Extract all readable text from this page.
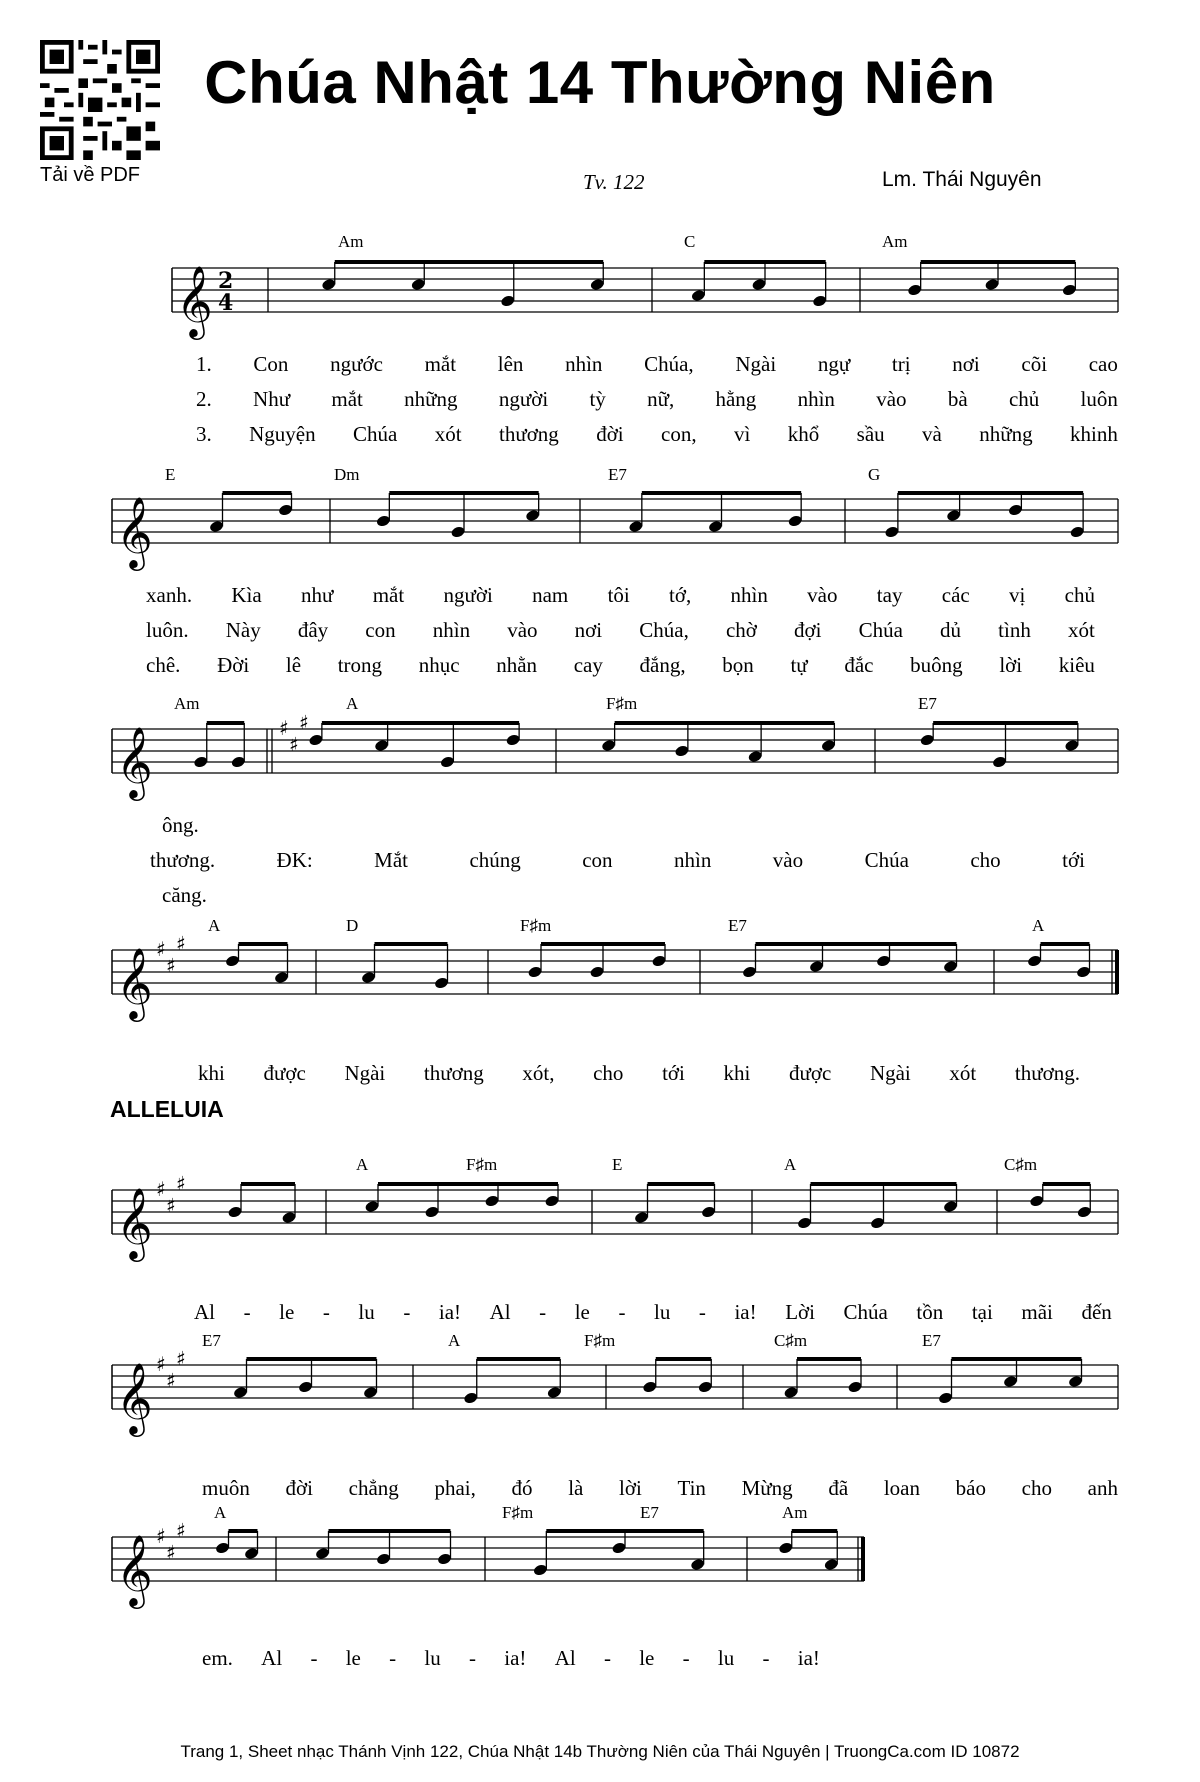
Tải về PDF
Chúa Nhật 14 Thường Niên
Tv. 122	Lm. Thái Nguyên
𝄞 2
4
𝄞
𝄞	♯
♯
♯
𝄞 ♯
♯
♯
𝄞 ♯
♯
♯
𝄞 ♯
♯
♯
𝄞 ♯
♯
♯
Am	C	Am
E	Dm	E7	G
Am	A	F♯m	E7
A	D	F♯m	E7	A
A	F♯m	E	A	C♯m
E7	A	F♯m	C♯m	E7
A	F♯m	E7	Am
ALLELUIA
1. Con ngước mắt lên nhìn Chúa, Ngài ngự trị nơi cõi cao
2. Như mắt những người tỳ nữ, hằng nhìn vào bà chủ luôn
3. Nguyện Chúa xót thương đời con, vì khổ sầu và những khinh
xanh. Kìa như mắt người nam tôi tớ, nhìn vào tay các vị chủ
luôn. Này đây con nhìn vào nơi Chúa, chờ đợi Chúa dủ tình xót
chê. Đời lê trong nhục nhằn cay đắng, bọn tự đắc buông lời kiêu
ông.
thương.	ĐK:	Mắt	chúng	con	nhìn	vào	Chúa	cho	tới
căng.
khi được Ngài thương xót, cho tới khi được Ngài xót thương.
Al - le - lu - ia! Al - le - lu - ia! Lời Chúa tồn tại mãi đến
muôn đời chẳng phai, đó là lời Tin Mừng đã loan báo cho anh
em. Al - le - lu - ia! Al - le - lu - ia!
Trang 1, Sheet nhạc Thánh Vịnh 122, Chúa Nhật 14b Thường Niên của Thái Nguyên | TruongCa.com ID 10872
